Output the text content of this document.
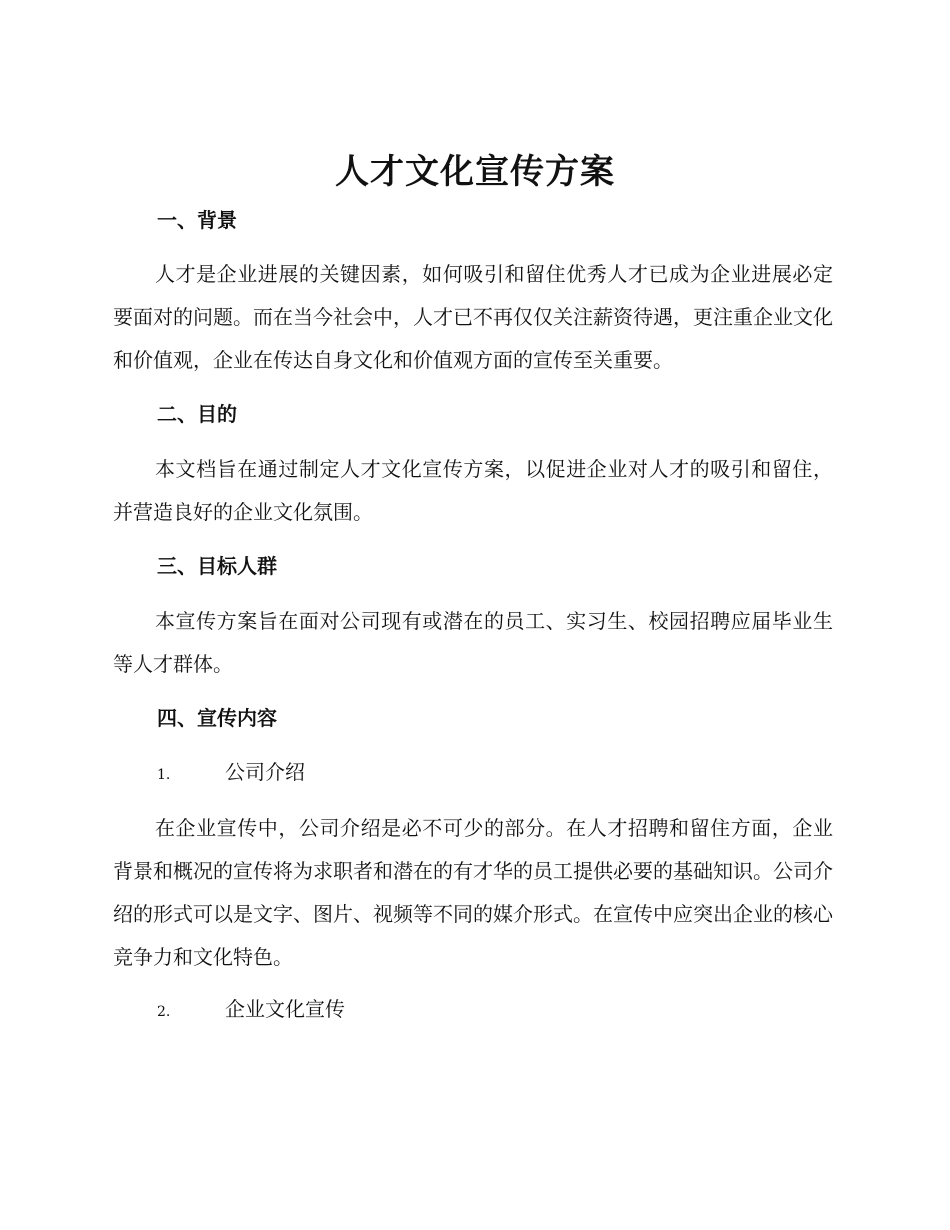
人才文化宣传方案
一、背景

人才是企业进展的关键因素，如何吸引和留住优秀人才已成为企业进展必定要面对的问题。而在当今社会中，人才已不再仅仅关注薪资待遇，更注重企业文化和价值观，企业在传达自身文化和价值观方面的宣传至关重要。

二、目的

本文档旨在通过制定人才文化宣传方案，以促进企业对人才的吸引和留住，并营造良好的企业文化氛围。

三、目标人群

本宣传方案旨在面对公司现有或潜在的员工、实习生、校园招聘应届毕业生等人才群体。

四、宣传内容
1.	公司介绍

在企业宣传中，公司介绍是必不可少的部分。在人才招聘和留住方面，企业背景和概况的宣传将为求职者和潜在的有才华的员工提供必要的基础知识。公司介绍的形式可以是文字、图片、视频等不同的媒介形式。在宣传中应突出企业的核心竞争力和文化特色。

2.	企业文化宣传
